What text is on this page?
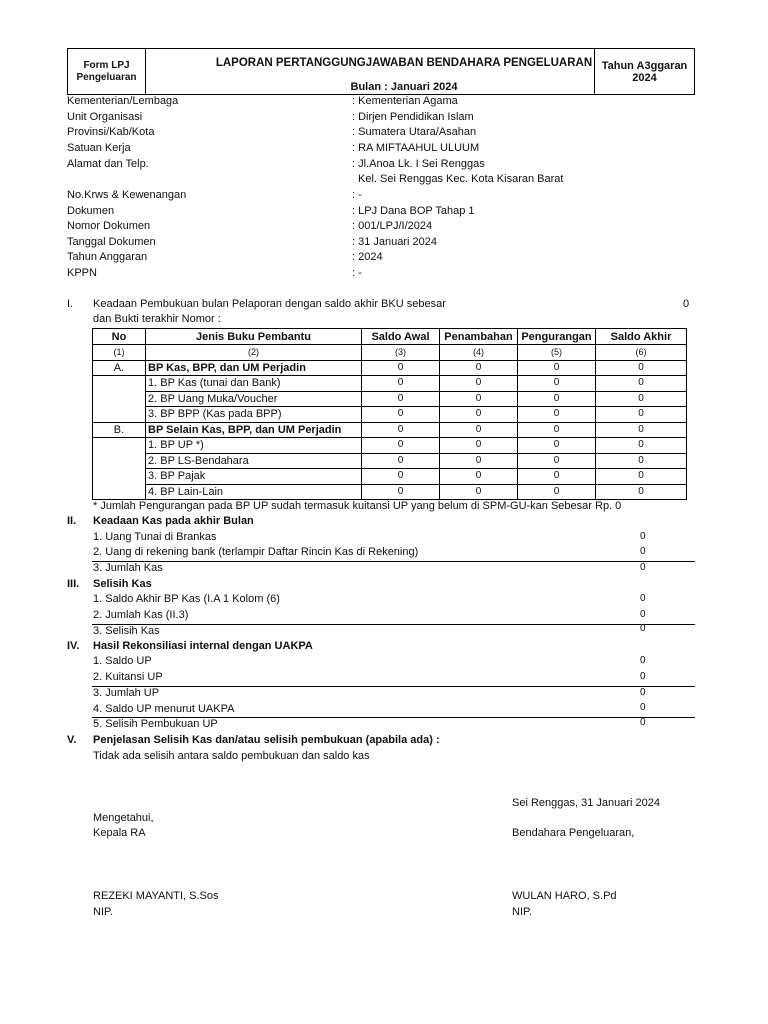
Form LPJ
Pengeluaran
LAPORAN PERTANGGUNGJAWABAN BENDAHARA PENGELUARAN
Bulan : Januari 2024
Tahun A3ggaran
2024
Kementerian/Lembaga	: Kementerian Agama
Unit Organisasi	: Dirjen Pendidikan Islam
Provinsi/Kab/Kota	: Sumatera Utara/Asahan
Satuan Kerja	: RA MIFTAAHUL ULUUM
Alamat dan Telp.	: Jl.Anoa Lk. I Sei Renggas
Kel. Sei Renggas Kec. Kota Kisaran Barat
No.Krws & Kewenangan	: -
Dokumen	: LPJ Dana BOP Tahap 1
Nomor Dokumen	: 001/LPJ/I/2024
Tanggal Dokumen	: 31 Januari 2024
Tahun Anggaran	: 2024
KPPN	: -
I. Keadaan Pembukuan bulan Pelaporan dengan saldo akhir BKU sebesar	0
dan Bukti terakhir Nomor :
No	Jenis Buku Pembantu	Saldo Awal	Penambahan	Pengurangan	Saldo Akhir
(1)	(2)	(3)	(4)	(5)	(6)
A.	BP Kas, BPP, dan UM Perjadin	0	0	0	0
	1. BP Kas (tunai dan Bank)	0	0	0	0
	2. BP Uang Muka/Voucher	0	0	0	0
	3. BP BPP (Kas pada BPP)	0	0	0	0
B.	BP Selain Kas, BPP, dan UM Perjadin	0	0	0	0
	1. BP UP *)	0	0	0	0
	2. BP LS-Bendahara	0	0	0	0
	3. BP Pajak	0	0	0	0
	4. BP Lain-Lain	0	0	0	0
* Jumlah Pengurangan pada BP UP sudah termasuk kuitansi UP yang belum di SPM-GU-kan Sebesar Rp. 0
II. Keadaan Kas pada akhir Bulan
1. Uang Tunai di Brankas	0
2. Uang di rekening bank (terlampir Daftar Rincin Kas di Rekening)	0
3. Jumlah Kas	0
III. Selisih Kas
1. Saldo Akhir BP Kas (I.A 1 Kolom (6)	0
2. Jumlah Kas (II.3)	0
3. Selisih Kas	0
IV. Hasil Rekonsiliasi internal dengan UAKPA
1. Saldo UP	0
2. Kuitansi UP	0
3. Jumlah UP	0
4. Saldo UP menurut UAKPA	0
5. Selisih Pembukuan UP	0
V. Penjelasan Selisih Kas dan/atau selisih pembukuan (apabila ada) :
Tidak ada selisih antara saldo pembukuan dan saldo kas
Sei Renggas, 31 Januari 2024
Mengetahui,
Kepala RA	Bendahara Pengeluaran,
REZEKI MAYANTI, S.Sos	WULAN HARO, S.Pd
NIP.	NIP.
